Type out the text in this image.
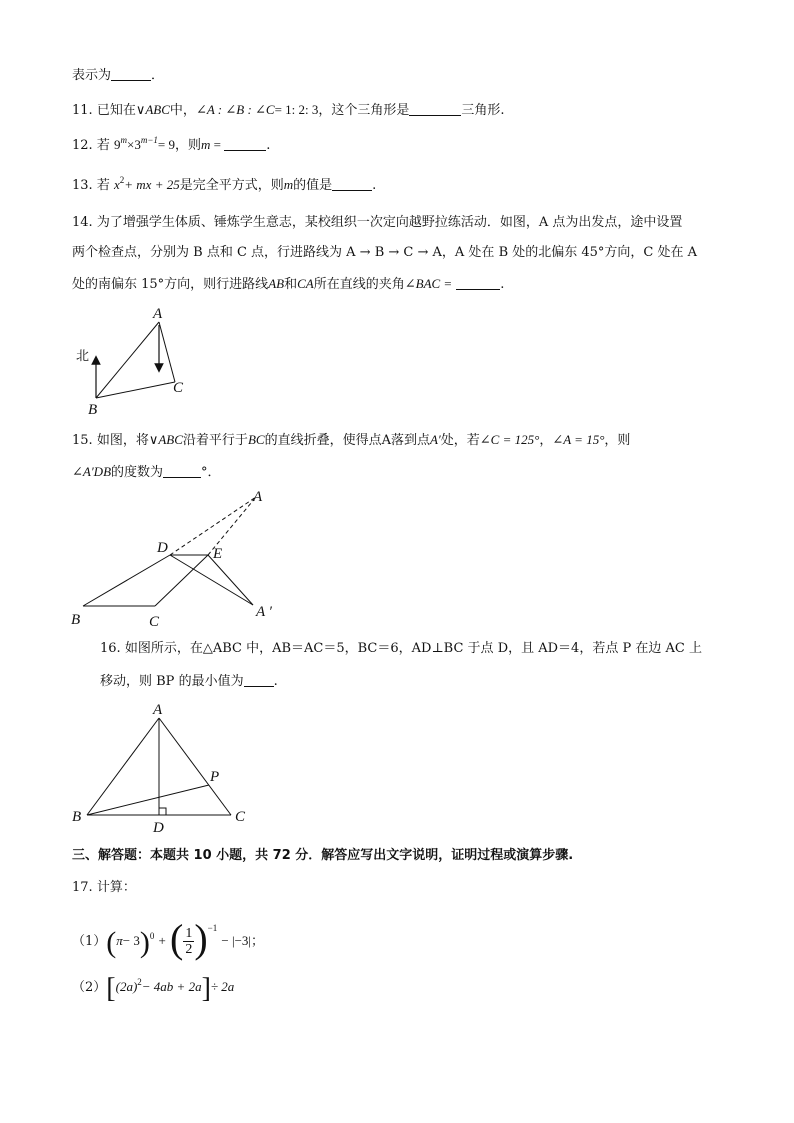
表示为	．
11. 已知在∨ABC中，∠A : ∠B : ∠C= 1: 2: 3，这个三角形是	三角形.
12. 若 $9^m\times 3^{m-1}= 9$，则m =	.
13. 若 $x^2+$ mx + 25是完全平方式，则m的值是	.
14. 为了增强学生体质、锤炼学生意志，某校组织一次定向越野拉练活动．如图，A 点为出发点，途中设置
两个检查点，分别为 B 点和 C 点，行进路线为 A → B → C → A，A 处在 B 处的北偏东 45°方向，C 处在 A
处的南偏东 15°方向，则行进路线AB和CA所在直线的夹角∠BAC =	.
A
B
C
北
15. 如图，将∨ABC沿着平行于BC的直线折叠，使得点A落到点A′处，若∠C = 125°，∠A = 15°，则
∠A′DB的度数为	°．
A
B	C
D	E
A ′
16. 如图所示，在△ABC 中，AB＝AC＝5，BC＝6，AD⊥BC 于点 D，且 AD＝4，若点 P 在边 AC 上
移动，则 BP 的最小值为 .
A
B	C
D
P
三、解答题：本题共 10 小题，共 72 分．解答应写出文字说明，证明过程或演算步骤.
17. 计算：
$(1)(\pi- 3)^0$ + ( $\frac{1}{2} )^{-1} - |-3|$；
$(2)[(2a)^2- 4ab + 2a]\div 2a$
